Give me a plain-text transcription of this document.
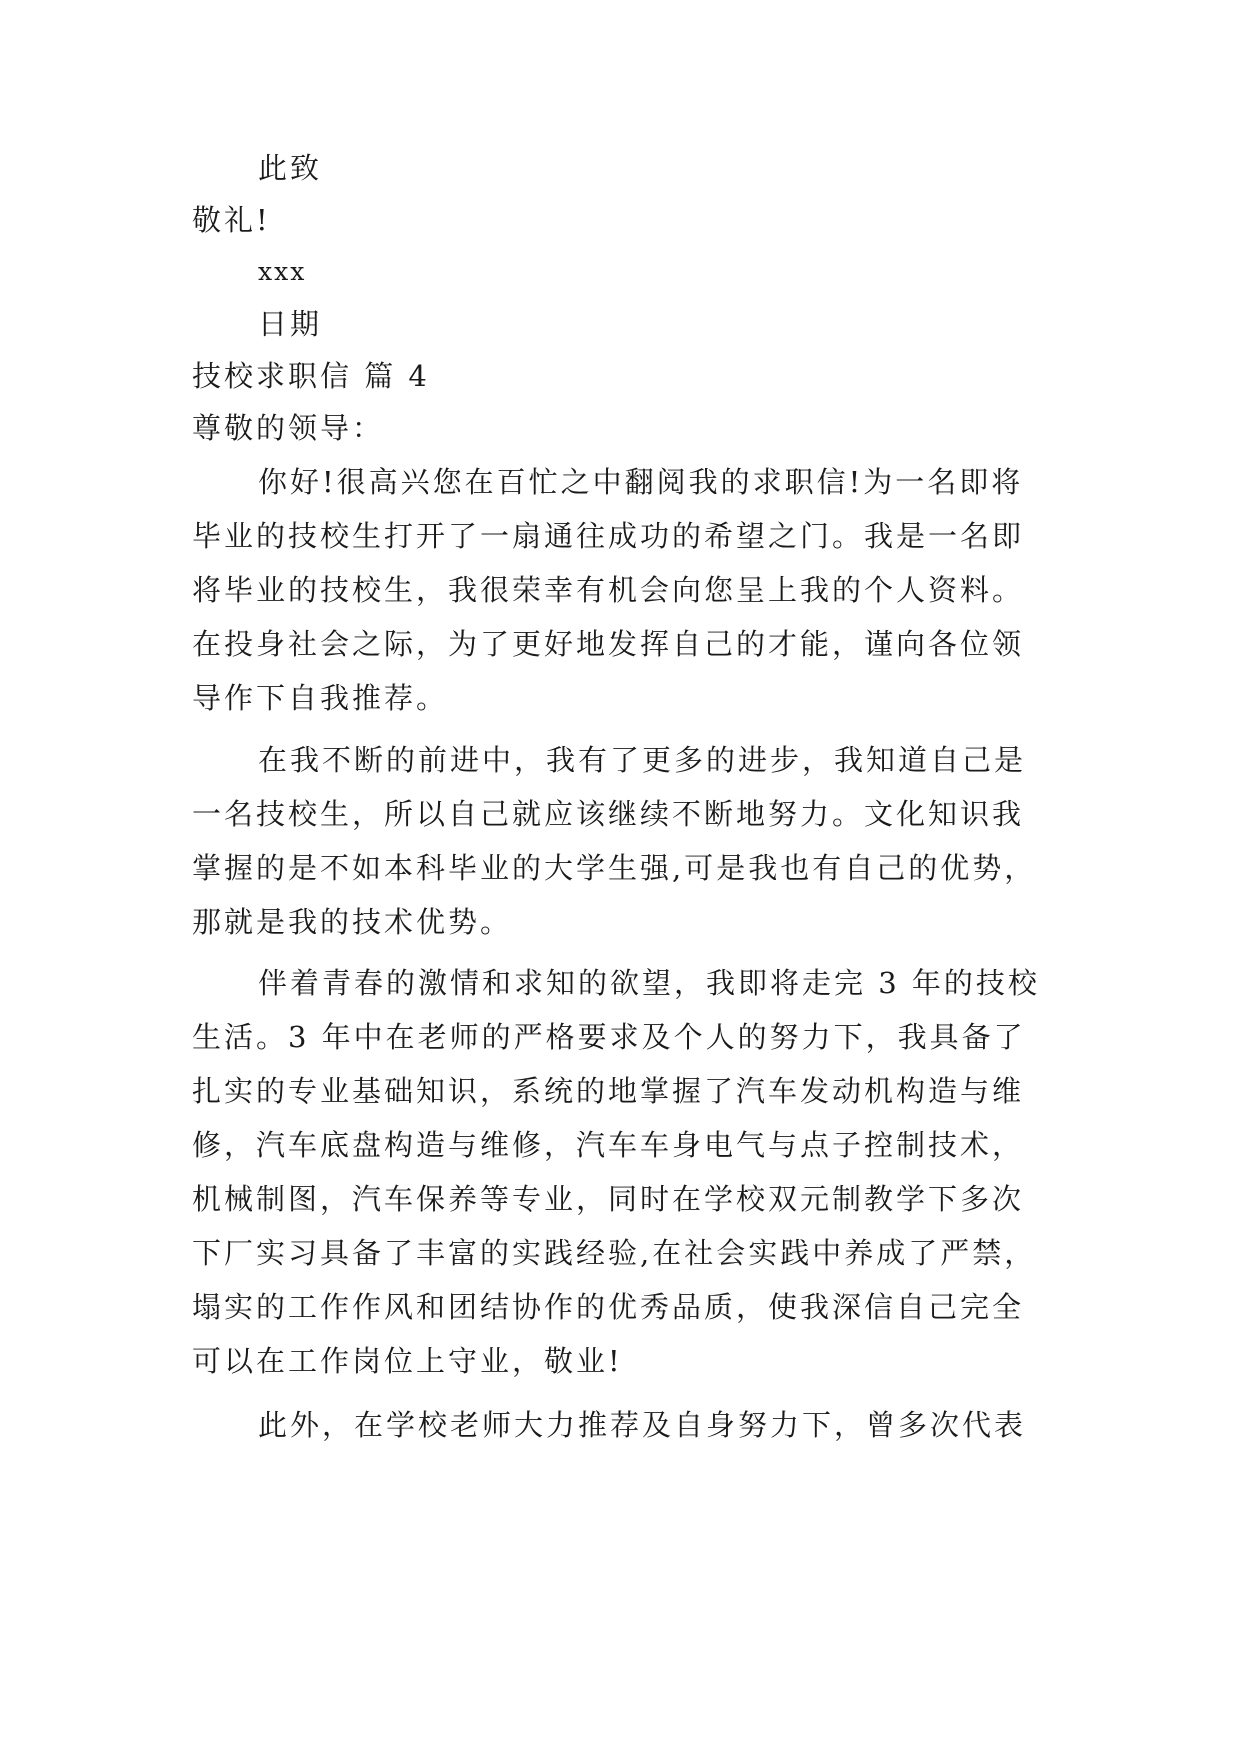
此致
敬礼!
xxx
日期
技校求职信 篇 4
尊敬的领导：
你好!很高兴您在百忙之中翻阅我的求职信!为一名即将
毕业的技校生打开了一扇通往成功的希望之门。我是一名即
将毕业的技校生，我很荣幸有机会向您呈上我的个人资料。
在投身社会之际，为了更好地发挥自己的才能，谨向各位领
导作下自我推荐。
在我不断的前进中，我有了更多的进步，我知道自己是
一名技校生，所以自己就应该继续不断地努力。文化知识我
掌握的是不如本科毕业的大学生强,可是我也有自己的优势，
那就是我的技术优势。
伴着青春的激情和求知的欲望，我即将走完 3 年的技校
生活。3 年中在老师的严格要求及个人的努力下，我具备了
扎实的专业基础知识，系统的地掌握了汽车发动机构造与维
修，汽车底盘构造与维修，汽车车身电气与点子控制技术，
机械制图，汽车保养等专业，同时在学校双元制教学下多次
下厂实习具备了丰富的实践经验,在社会实践中养成了严禁，
塌实的工作作风和团结协作的优秀品质，使我深信自己完全
可以在工作岗位上守业，敬业!
此外，在学校老师大力推荐及自身努力下，曾多次代表
